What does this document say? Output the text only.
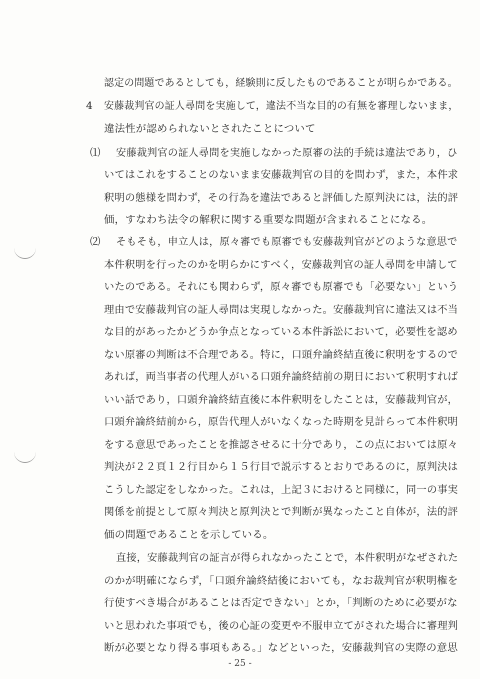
4
⑴
⑵
認定の問題であるとしても，経験則に反したものであることが明らかである。
安藤裁判官の証人尋問を実施して，違法不当な目的の有無を審理しないまま，
違法性が認められないとされたことについて
安藤裁判官の証人尋問を実施しなかった原審の法的手続は違法であり，ひ
いてはこれをすることのないまま安藤裁判官の目的を問わず，また，本件求
釈明の態様を問わず，その行為を違法であると評価した原判決には，法的評
価，すなわち法令の解釈に関する重要な問題が含まれることになる。
そもそも，申立人は，原々審でも原審でも安藤裁判官がどのような意思で
本件釈明を行ったのかを明らかにすべく，安藤裁判官の証人尋問を申請して
いたのである。それにも関わらず，原々審でも原審でも「必要ない」という
理由で安藤裁判官の証人尋問は実現しなかった。安藤裁判官に違法又は不当
な目的があったかどうか争点となっている本件訴訟において，必要性を認め
ない原審の判断は不合理である。特に，口頭弁論終結直後に釈明をするので
あれば，両当事者の代理人がいる口頭弁論終結前の期日において釈明すれば
いい話であり，口頭弁論終結直後に本件釈明をしたことは，安藤裁判官が，
口頭弁論終結前から，原告代理人がいなくなった時期を見計らって本件釈明
をする意思であったことを推認させるに十分であり，この点においては原々
判決が２２頁１２行目から１５行目で説示するとおりであるのに，原判決は
こうした認定をしなかった。これは，上記３におけると同様に，同一の事実
関係を前提として原々判決と原判決とで判断が異なったこと自体が，法的評
価の問題であることを示している。
直接，安藤裁判官の証言が得られなかったことで，本件釈明がなぜされた
のかが明確にならず，「口頭弁論終結後においても，なお裁判官が釈明権を
行使すべき場合があることは否定できない」とか，「判断のために必要がな
いと思われた事項でも，後の心証の変更や不服申立てがされた場合に審理判
断が必要となり得る事項もある。」などといった，安藤裁判官の実際の意思
- 25 -
